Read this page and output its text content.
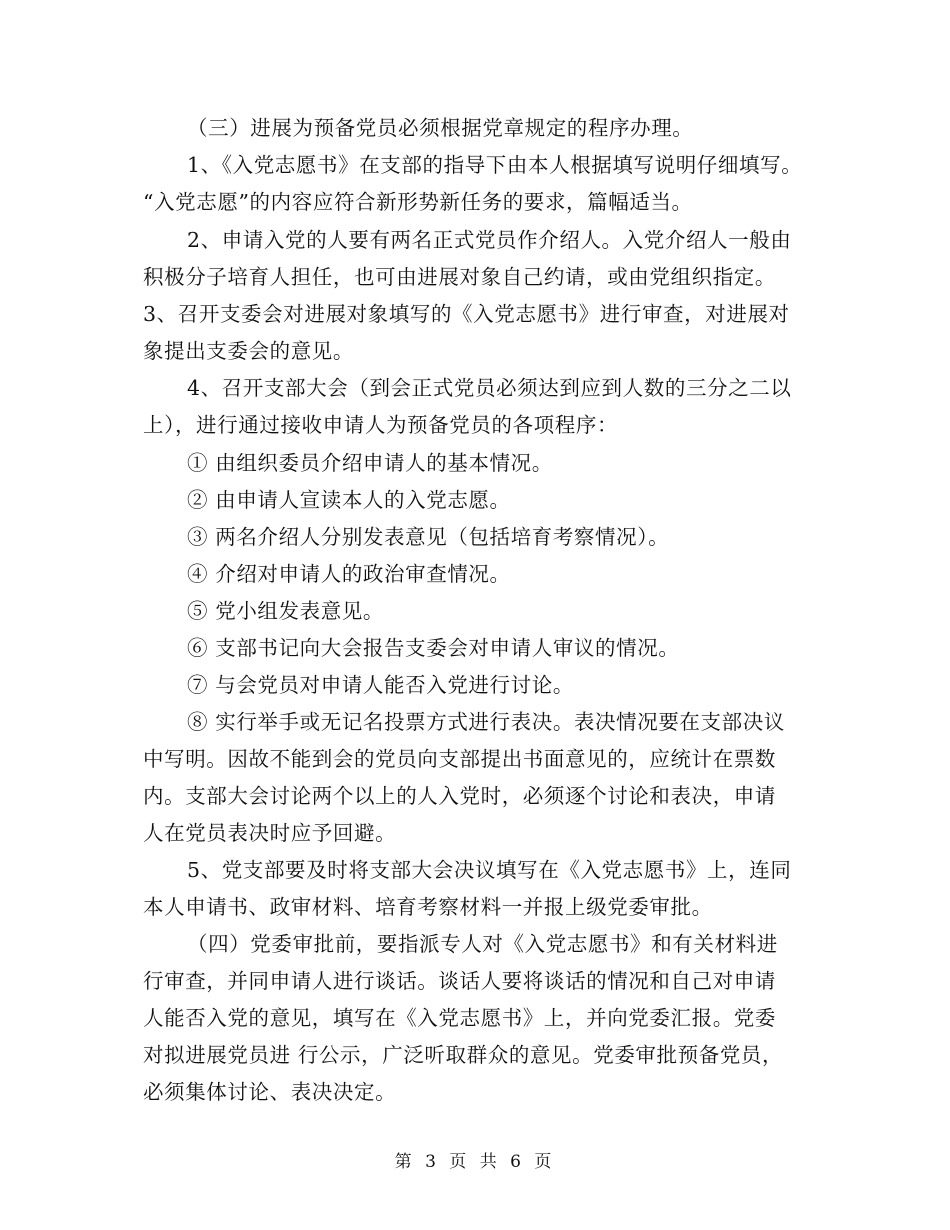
（三）进展为预备党员必须根据党章规定的程序办理。
1、《入党志愿书》在支部的指导下由本人根据填写说明仔细填写。
“入党志愿”的内容应符合新形势新任务的要求，篇幅适当。
2、申请入党的人要有两名正式党员作介绍人。入党介绍人一般由
积极分子培育人担任，也可由进展对象自己约请，或由党组织指定。
3、召开支委会对进展对象填写的《入党志愿书》进行审查，对进展对
象提出支委会的意见。
4、召开支部大会（到会正式党员必须达到应到人数的三分之二以
上），进行通过接收申请人为预备党员的各项程序：
① 由组织委员介绍申请人的基本情况。
② 由申请人宣读本人的入党志愿。
③ 两名介绍人分别发表意见（包括培育考察情况）。
④ 介绍对申请人的政治审查情况。
⑤ 党小组发表意见。
⑥ 支部书记向大会报告支委会对申请人审议的情况。
⑦ 与会党员对申请人能否入党进行讨论。
⑧ 实行举手或无记名投票方式进行表决。表决情况要在支部决议
中写明。因故不能到会的党员向支部提出书面意见的，应统计在票数
内。支部大会讨论两个以上的人入党时，必须逐个讨论和表决，申请
人在党员表决时应予回避。
5、党支部要及时将支部大会决议填写在《入党志愿书》上，连同
本人申请书、政审材料、培育考察材料一并报上级党委审批。
（四）党委审批前，要指派专人对《入党志愿书》和有关材料进
行审查，并同申请人进行谈话。谈话人要将谈话的情况和自己对申请
人能否入党的意见，填写在《入党志愿书》上，并向党委汇报。党委
对拟进展党员进 行公示，广泛听取群众的意见。党委审批预备党员，
必须集体讨论、表决决定。
第 3 页 共 6 页
